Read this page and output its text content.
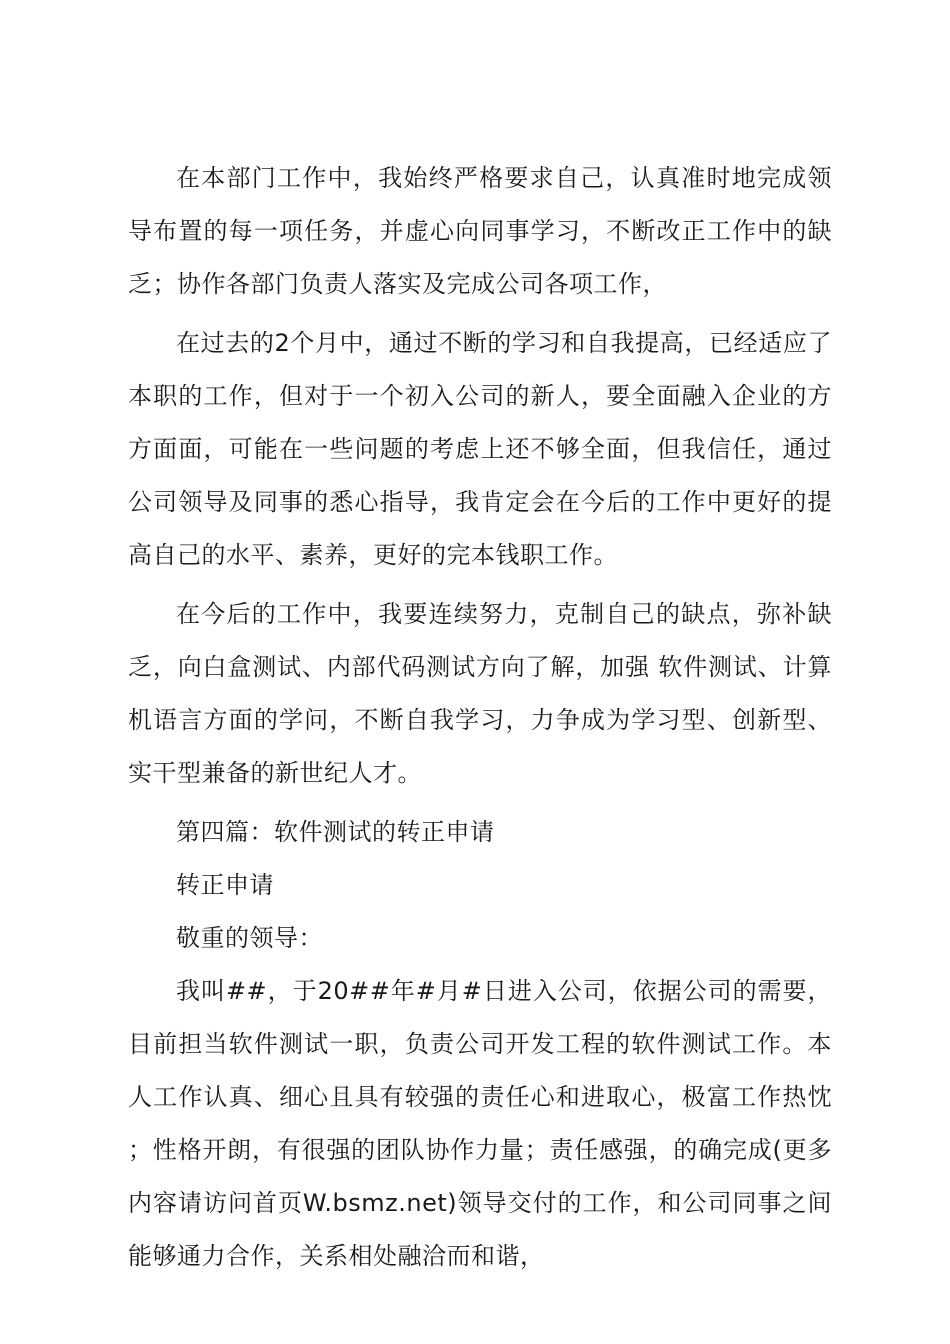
在本部门工作中，我始终严格要求自己，认真准时地完成领导布置的每一项任务，并虚心向同事学习，不断改正工作中的缺乏；协作各部门负责人落实及完成公司各项工作，

在过去的2个月中，通过不断的学习和自我提高，已经适应了本职的工作，但对于一个初入公司的新人，要全面融入企业的方方面面，可能在一些问题的考虑上还不够全面，但我信任，通过公司领导及同事的悉心指导，我肯定会在今后的工作中更好的提高自己的水平、素养，更好的完本钱职工作。

在今后的工作中，我要连续努力，克制自己的缺点，弥补缺乏，向白盒测试、内部代码测试方向了解，加强 软件测试、计算机语言方面的学问，不断自我学习，力争成为学习型、创新型、实干型兼备的新世纪人才。

第四篇：软件测试的转正申请

转正申请

敬重的领导：

我叫##，于20##年#月#日进入公司，依据公司的需要，目前担当软件测试一职，负责公司开发工程的软件测试工作。本人工作认真、细心且具有较强的责任心和进取心，极富工作热忱；性格开朗，有很强的团队协作力量；责任感强，的确完成(更多内容请访问首页W.bsmz.net)领导交付的工作，和公司同事之间能够通力合作，关系相处融洽而和谐，
